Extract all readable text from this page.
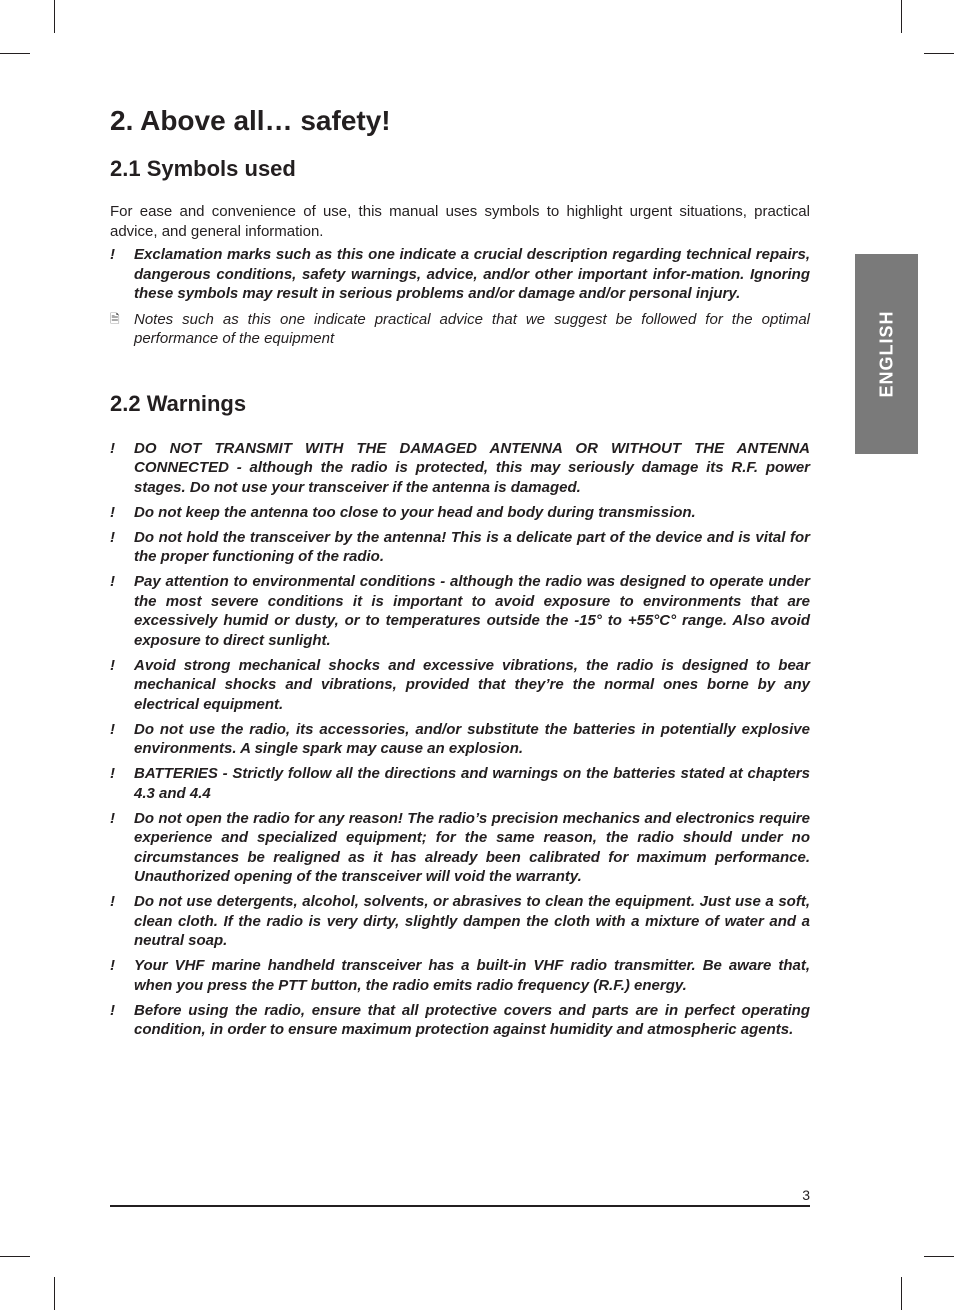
ENGLISH
2. Above all… safety!
2.1 Symbols used

For ease and convenience of use, this manual uses symbols to highlight urgent situations, practical advice, and general information.

! Exclamation marks such as this one indicate a crucial description regarding technical repairs, dangerous conditions, safety warnings, advice, and/or other important infor-mation. Ignoring these symbols may result in serious problems and/or damage and/or personal injury.
🗎 Notes such as this one indicate practical advice that we suggest be followed for the optimal performance of the equipment
2.2 Warnings
! DO NOT TRANSMIT WITH THE DAMAGED ANTENNA OR WITHOUT THE ANTENNA CONNECTED - although the radio is protected, this may seriously damage its R.F. power stages. Do not use your transceiver if the antenna is damaged.
! Do not keep the antenna too close to your head and body during transmission.
! Do not hold the transceiver by the antenna! This is a delicate part of the device and is vital for the proper functioning of the radio.
! Pay attention to environmental conditions - although the radio was designed to operate under the most severe conditions it is important to avoid exposure to environments that are excessively humid or dusty, or to temperatures outside the -15° to +55°C° range. Also avoid exposure to direct sunlight.
! Avoid strong mechanical shocks and excessive vibrations, the radio is designed to bear mechanical shocks and vibrations, provided that they’re the normal ones borne by any electrical equipment.
! Do not use the radio, its accessories, and/or substitute the batteries in potentially explosive environments. A single spark may cause an explosion.
! BATTERIES - Strictly follow all the directions and warnings on the batteries stated at chapters 4.3 and 4.4
! Do not open the radio for any reason! The radio’s precision mechanics and electronics require experience and specialized equipment; for the same reason, the radio should under no circumstances be realigned as it has already been calibrated for maximum performance. Unauthorized opening of the transceiver will void the warranty.
! Do not use detergents, alcohol, solvents, or abrasives to clean the equipment. Just use a soft, clean cloth. If the radio is very dirty, slightly dampen the cloth with a mixture of water and a neutral soap.
! Your VHF marine handheld transceiver has a built-in VHF radio transmitter. Be aware that, when you press the PTT button, the radio emits radio frequency (R.F.) energy.
! Before using the radio, ensure that all protective covers and parts are in perfect operating condition, in order to ensure maximum protection against humidity and atmospheric agents.
3
